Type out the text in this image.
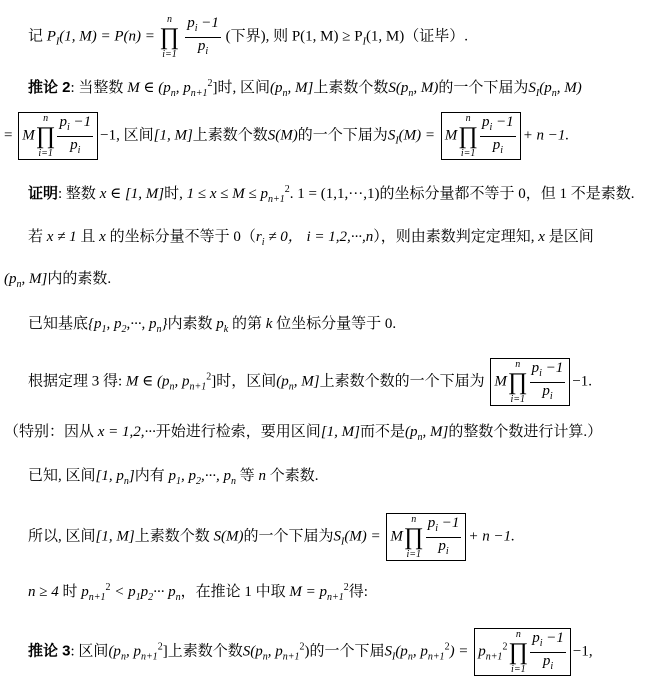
记 $P_I(1$, M) = P(n) =
n
∏
i=1
$\frac{p_i -1}{p_i}$ (下界), 则 P(1, $M) \ge P_I(1$, M)（证毕）.
推论 2: 当整数 M ∈ ($p_n$, $p_{n+1}^2$]时, 区间($p_n$, M]上素数个数$S(p_n$, M)的一个下届为$S_I(p_n$, M)
= M
n
∏
$i=1 \frac{p_i -1}{p_i} -1$, 区间[1, M]上素数个数S(M)的一个下届为$S_I(M) = M$
n
∏
$i=1 \frac{p_i -1}{p_i} + n -1$.
证明: 整数 x ∈ [1, M]时, $1 \le x \le M \le p_{n+1}^2$. 1 = (1,1,···,1)的坐标分量都不等于 0，但 1 不是素数.
若 x ≠ 1 且 x 的坐标分量不等于 $0(r_i \ne 0$， i = 1,2,···,n），则由素数判定定理知, x 是区间
($p_n$, M]内的素数.
已知基底{$p_1$, $p_2,\cdot\cdot\cdot$, $p_n$}内素数 $p_k$ 的第 k 位坐标分量等于 0.
根据定理 3 得: M ∈ ($p_n$, $p_{n+1}^2$]时，区间($p_n$, M]上素数个数的一个下届为 M
n
∏
$i=1 \frac{p_i -1}{p_i} -1$.
（特别：因从 x = 1,2,···开始进行检索，要用区间[1, M]而不是($p_n$, M]的整数个数进行计算.）
已知, 区间[1, $p_n$]内有 $p_1$, $p_2,\cdot\cdot\cdot$, $p_n$ 等 n 个素数.
所以, 区间[1, M]上素数个数 S(M)的一个下届为$S_I(M) = M$
n
∏
$i=1 \frac{p_i -1}{p_i} + n -1$.
n ≥ 4 时 $p_{n+1}^2 < p_1p_2\cdot\cdot\cdot p_n$，在推论 1 中取 $M = p_{n+1}^2$得:
推论 3: 区间($p_n$, $p_{n+1}^2$]上素数个数$S(p_n$, $p_{n+1}^2$)的一个下届$S_I(p_n$, $p_{n+1}^2) = p_{n+1}^2$
n
∏
$i=1 \frac{p_i -1}{p_i} -1$,
